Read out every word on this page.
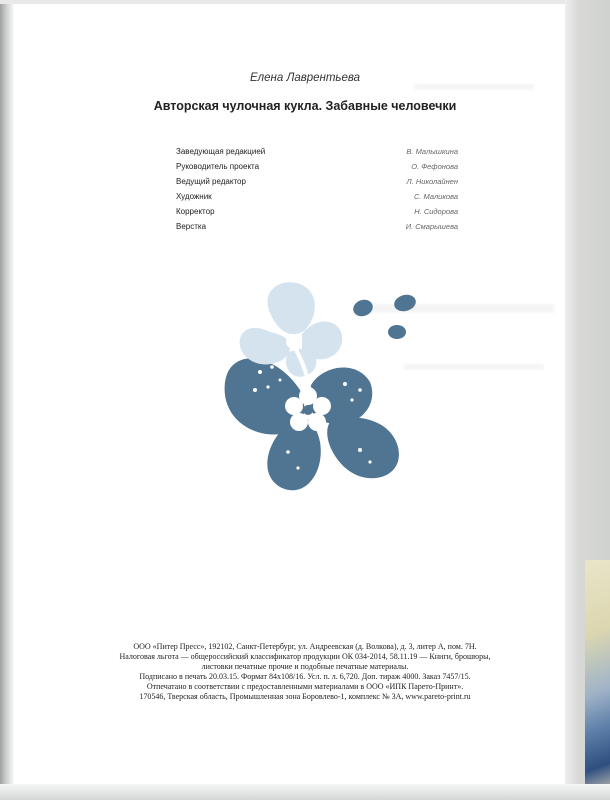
Елена Лаврентьева
Авторская чулочная кукла. Забавные человечки
Заведующая редакцией	В. Малышкина
Руководитель проекта	О. Фефонова
Ведущий редактор	Л. Николайнен
Художник	С. Маликова
Корректор	Н. Сидорова
Верстка	И. Смарышева
ООО «Питер Пресс», 192102, Санкт-Петербург, ул. Андреевская (д. Волкова), д. 3, литер А, пом. 7Н.
Налоговая льгота — общероссийский классификатор продукции ОК 034-2014, 58.11.19 — Книги, брошюры,
листовки печатные прочие и подобные печатные материалы.
Подписано в печать 20.03.15. Формат 84х108/16. Усл. п. л. 6,720. Доп. тираж 4000. Заказ 7457/15.
Отпечатано в соответствии с предоставленными материалами в ООО «ИПК Парето-Принт».
170546, Тверская область, Промышленная зона Боровлево-1, комплекс № 3А, www.pareto-print.ru
